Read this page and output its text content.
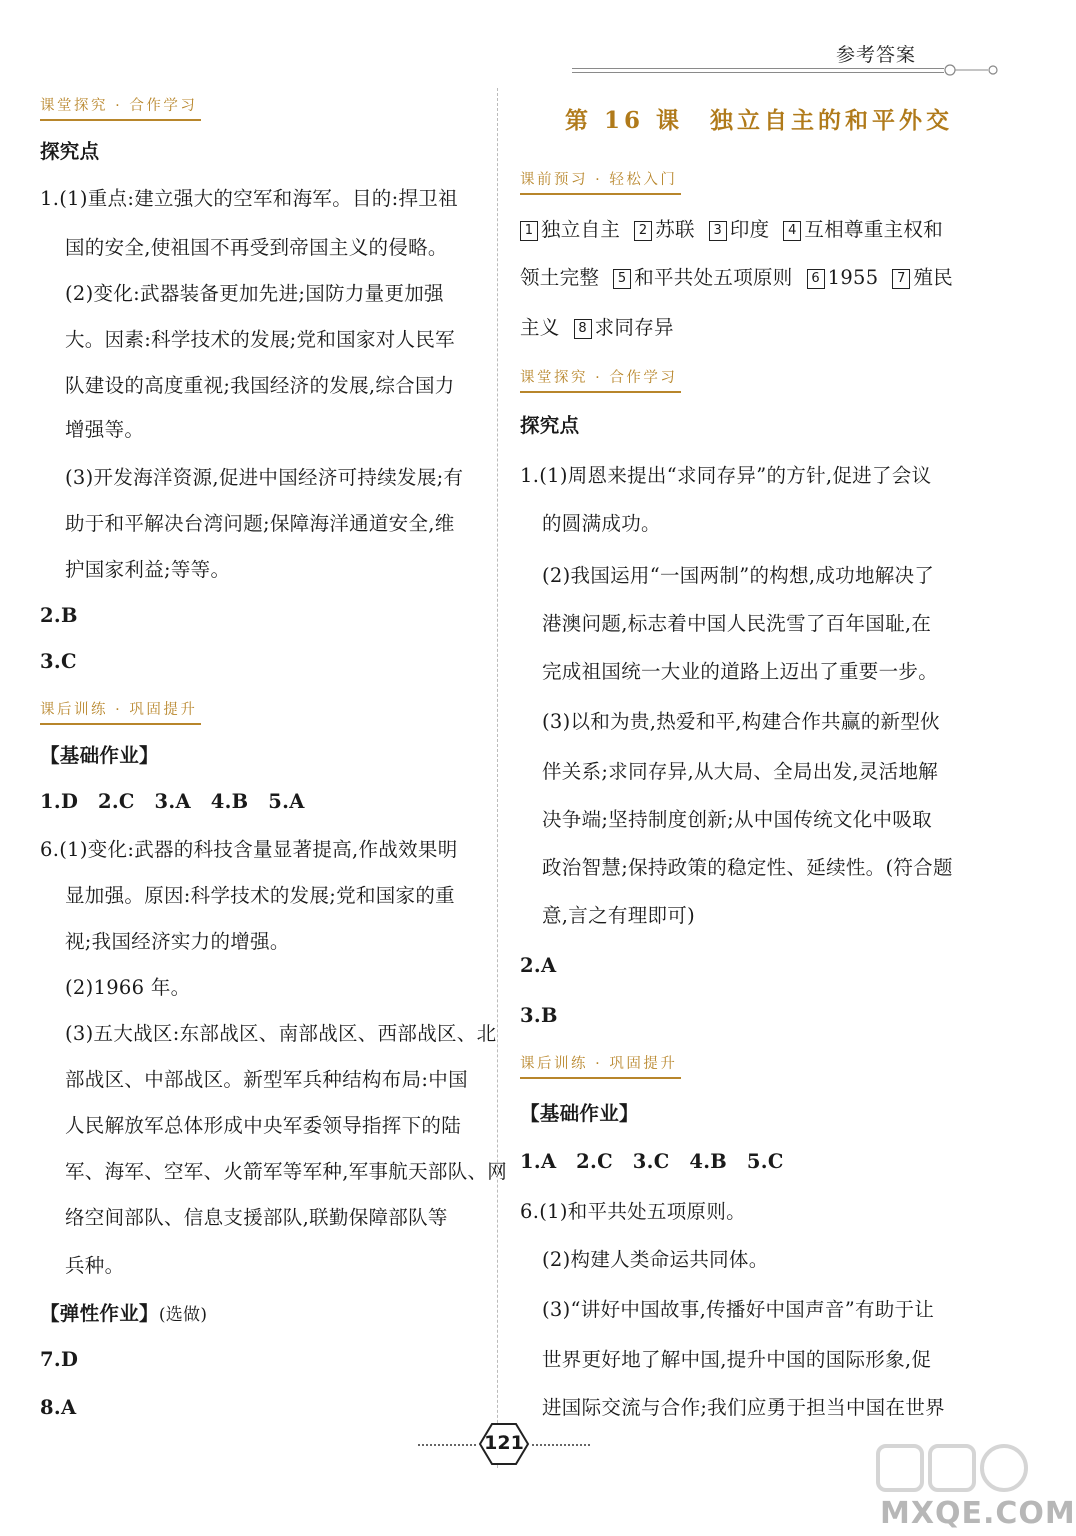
参考答案
课堂探究 · 合作学习
探究点
1.(1)重点:建立强大的空军和海军。目的:捍卫祖
国的安全,使祖国不再受到帝国主义的侵略。
(2)变化:武器装备更加先进;国防力量更加强
大。因素:科学技术的发展;党和国家对人民军
队建设的高度重视;我国经济的发展,综合国力
增强等。
(3)开发海洋资源,促进中国经济可持续发展;有
助于和平解决台湾问题;保障海洋通道安全,维
护国家利益;等等。
2.B
3.C
课后训练 · 巩固提升
【基础作业】
1.D　2.C　3.A　4.B　5.A
6.(1)变化:武器的科技含量显著提高,作战效果明
显加强。原因:科学技术的发展;党和国家的重
视;我国经济实力的增强。
(2)1966 年。
(3)五大战区:东部战区、南部战区、西部战区、北
部战区、中部战区。新型军兵种结构布局:中国
人民解放军总体形成中央军委领导指挥下的陆
军、海军、空军、火箭军等军种,军事航天部队、网
络空间部队、信息支援部队,联勤保障部队等
兵种。
【弹性作业】(选做)
7.D
8.A
第 16 课　独立自主的和平外交
课前预习 · 轻松入门
1 独立自主 2 苏联 3 印度 4 互相尊重主权和
领土完整 5 和平共处五项原则 6 1955 7 殖民
主义 8 求同存异
课堂探究 · 合作学习
探究点
1.(1)周恩来提出“求同存异”的方针,促进了会议
的圆满成功。
(2)我国运用“一国两制”的构想,成功地解决了
港澳问题,标志着中国人民洗雪了百年国耻,在
完成祖国统一大业的道路上迈出了重要一步。
(3)以和为贵,热爱和平,构建合作共赢的新型伙
伴关系;求同存异,从大局、全局出发,灵活地解
决争端;坚持制度创新;从中国传统文化中吸取
政治智慧;保持政策的稳定性、延续性。(符合题
意,言之有理即可)
2.A
3.B
课后训练 · 巩固提升
【基础作业】
1.A　2.C　3.C　4.B　5.C
6.(1)和平共处五项原则。
(2)构建人类命运共同体。
(3)“讲好中国故事,传播好中国声音”有助于让
世界更好地了解中国,提升中国的国际形象,促
进国际交流与合作;我们应勇于担当中国在世界
121
MXQE.COM
